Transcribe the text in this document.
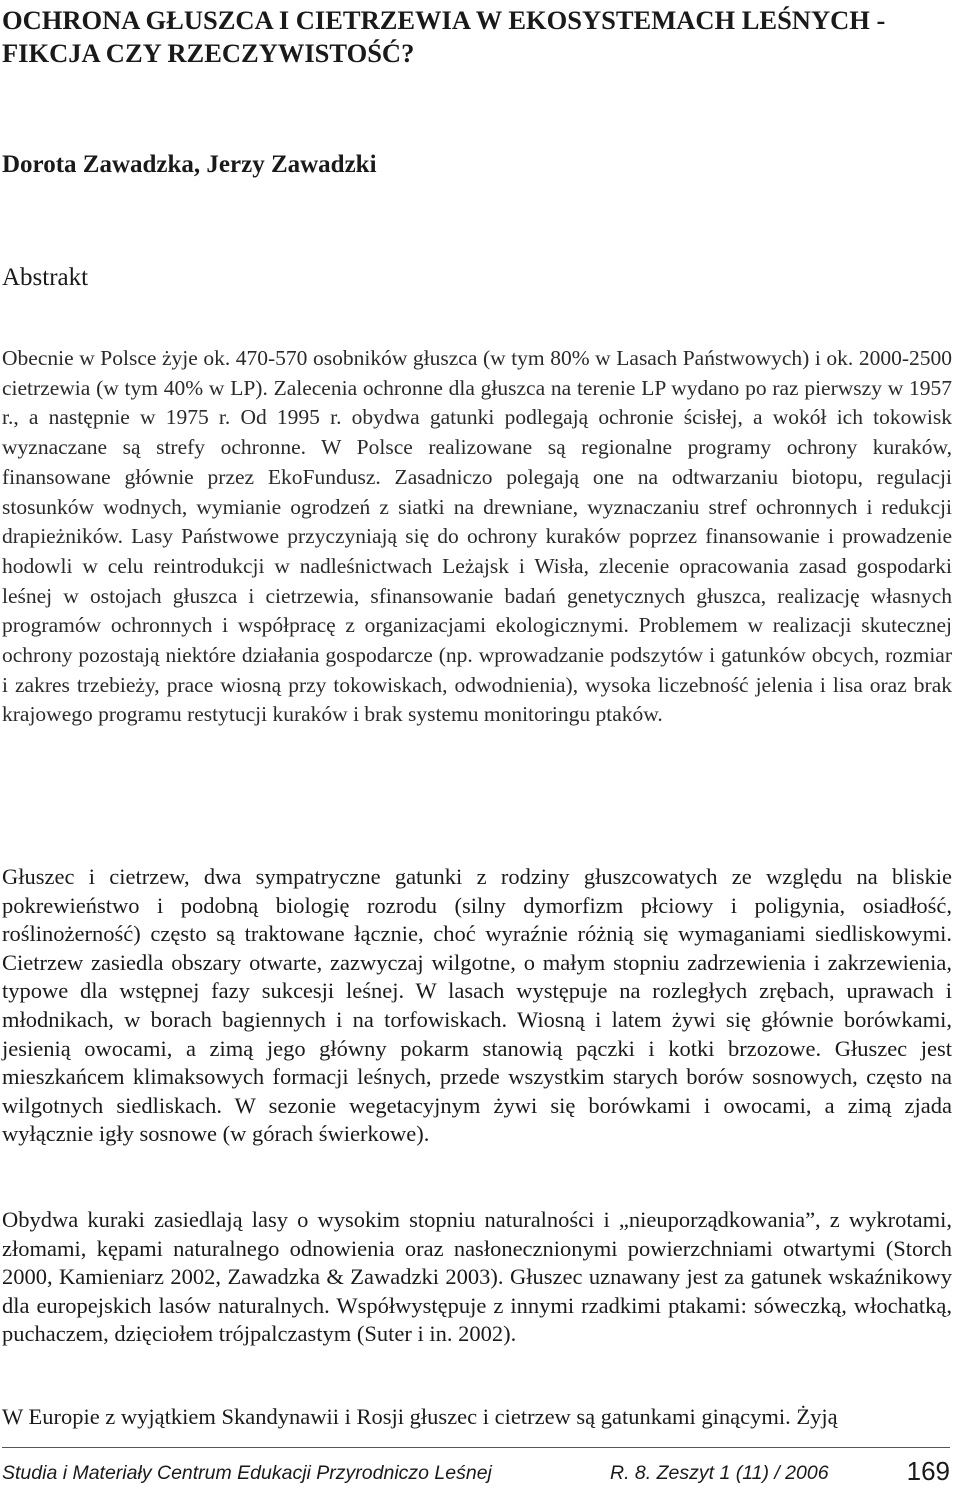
OCHRONA GŁUSZCA I CIETRZEWIA W EKOSYSTEMACH LEŚNYCH - FIKCJA CZY RZECZYWISTOŚĆ?
Dorota Zawadzka, Jerzy Zawadzki
Abstrakt

Obecnie w Polsce żyje ok. 470-570 osobników głuszca (w tym 80% w Lasach Państwowych) i ok. 2000-2500 cietrzewia (w tym 40% w LP). Zalecenia ochronne dla głuszca na terenie LP wydano po raz pierwszy w 1957 r., a następnie w 1975 r. Od 1995 r. obydwa gatunki podlegają ochronie ścisłej, a wokół ich tokowisk wyznaczane są strefy ochronne. W Polsce realizowane są regionalne programy ochrony kuraków, finansowane głównie przez EkoFundusz. Zasadniczo polegają one na odtwarzaniu biotopu, regulacji stosunków wodnych, wymianie ogrodzeń z siatki na drewniane, wyznaczaniu stref ochronnych i redukcji drapieżników. Lasy Państwowe przyczyniają się do ochrony kuraków poprzez finansowanie i prowadzenie hodowli w celu reintrodukcji w nadleśnictwach Leżajsk i Wisła, zlecenie opracowania zasad gospodarki leśnej w ostojach głuszca i cietrzewia, sfinansowanie badań genetycznych głuszca, realizację własnych programów ochronnych i współpracę z organizacjami ekologicznymi. Problemem w realizacji skutecznej ochrony pozostają niektóre działania gospodarcze (np. wprowadzanie podszytów i gatunków obcych, rozmiar i zakres trzebieży, prace wiosną przy tokowiskach, odwodnienia), wysoka liczebność jelenia i lisa oraz brak krajowego programu restytucji kuraków i brak systemu monitoringu ptaków.

Głuszec i cietrzew, dwa sympatryczne gatunki z rodziny głuszcowatych ze względu na bliskie pokrewieństwo i podobną biologię rozrodu (silny dymorfizm płciowy i poligynia, osiadłość, roślinożerność) często są traktowane łącznie, choć wyraźnie różnią się wymaganiami siedliskowymi. Cietrzew zasiedla obszary otwarte, zazwyczaj wilgotne, o małym stopniu zadrzewienia i zakrzewienia, typowe dla wstępnej fazy sukcesji leśnej. W lasach występuje na rozległych zrębach, uprawach i młodnikach, w borach bagiennych i na torfowiskach. Wiosną i latem żywi się głównie borówkami, jesienią owocami, a zimą jego główny pokarm stanowią pączki i kotki brzozowe. Głuszec jest mieszkańcem klimaksowych formacji leśnych, przede wszystkim starych borów sosnowych, często na wilgotnych siedliskach. W sezonie wegetacyjnym żywi się borówkami i owocami, a zimą zjada wyłącznie igły sosnowe (w górach świerkowe).

Obydwa kuraki zasiedlają lasy o wysokim stopniu naturalności i „nieuporządkowania”, z wykrotami, złomami, kępami naturalnego odnowienia oraz nasłonecznionymi powierzchniami otwartymi (Storch 2000, Kamieniarz 2002, Zawadzka & Zawadzki 2003). Głuszec uznawany jest za gatunek wskaźnikowy dla europejskich lasów naturalnych. Współwystępuje z innymi rzadkimi ptakami: sóweczką, włochatką, puchaczem, dzięciołem trójpalczastym (Suter i in. 2002).

W Europie z wyjątkiem Skandynawii i Rosji głuszec i cietrzew są gatunkami ginącymi. Żyją

Studia i Materiały Centrum Edukacji Przyrodniczo Leśnej	R. 8. Zeszyt 1 (11) / 2006	169
